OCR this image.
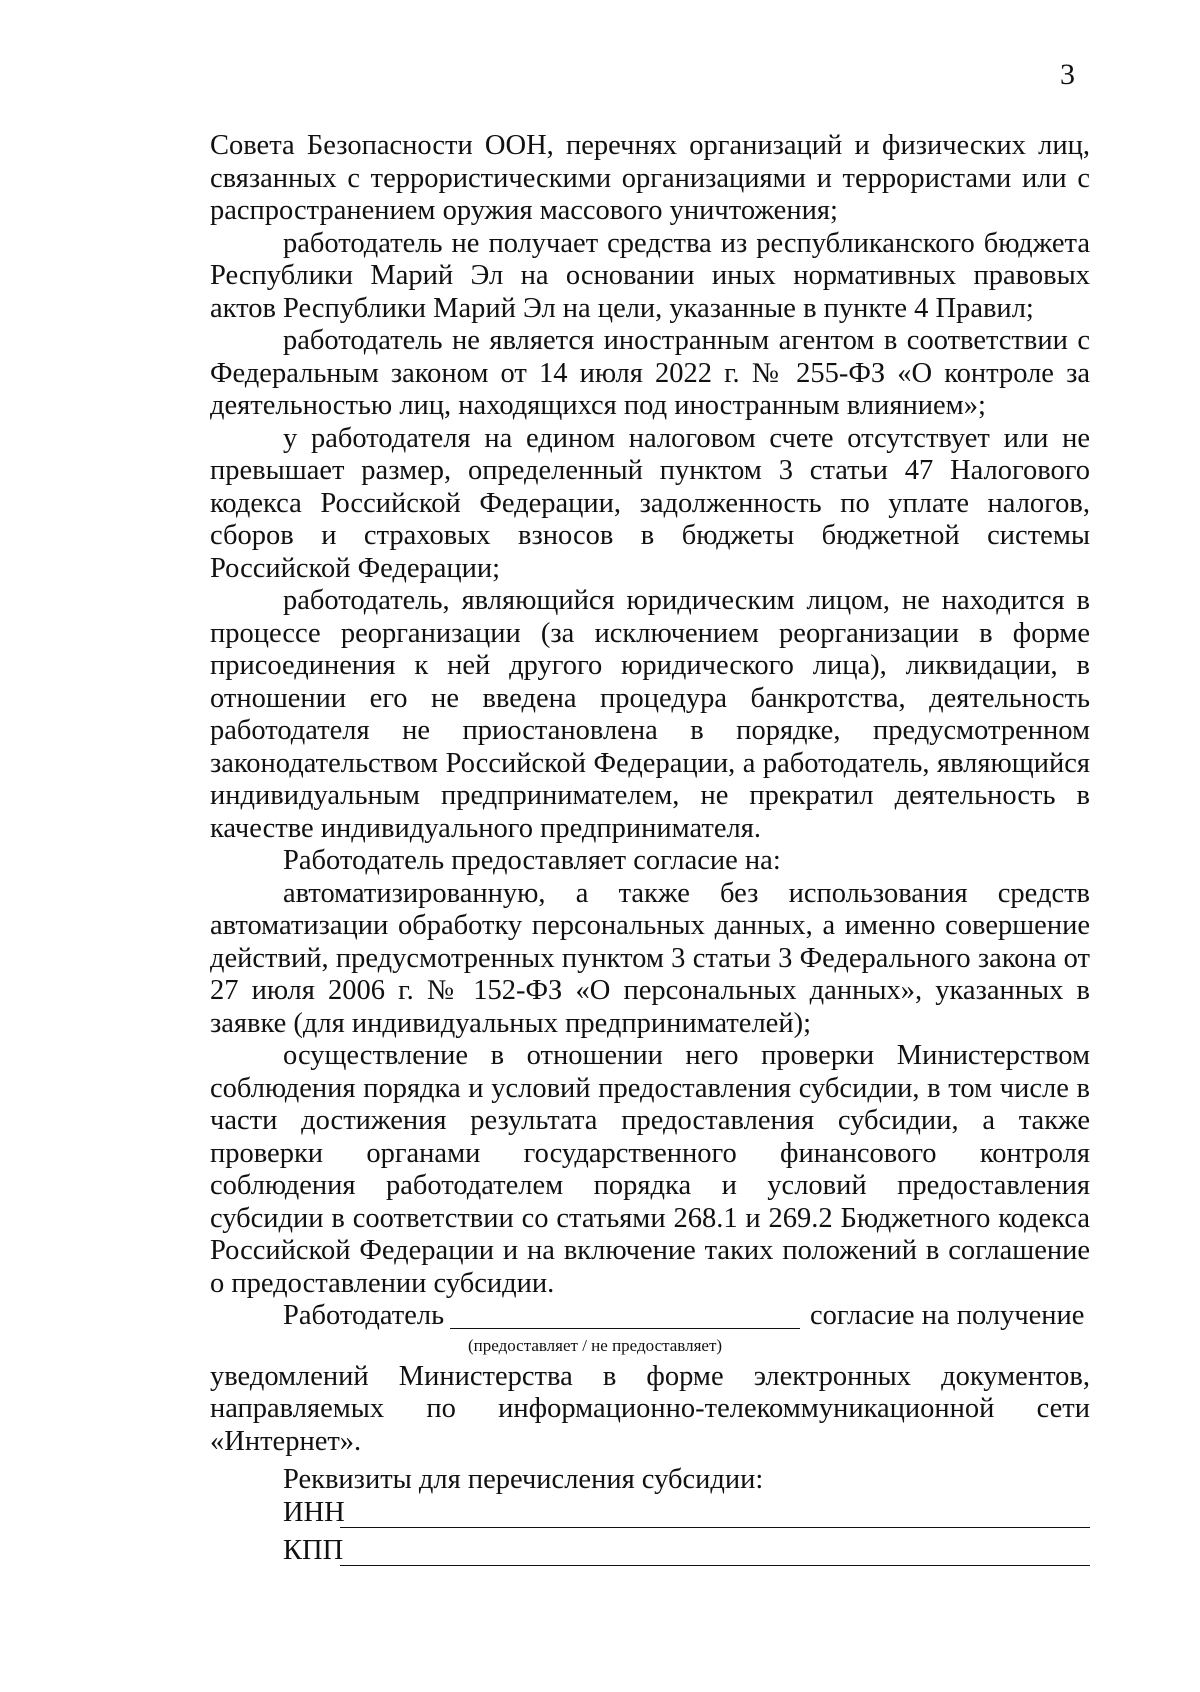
3

Совета Безопасности ООН, перечнях организаций и физических лиц, связанных с террористическими организациями и террористами или с распространением оружия массового уничтожения;

работодатель не получает средства из республиканского бюджета Республики Марий Эл на основании иных нормативных правовых актов Республики Марий Эл на цели, указанные в пункте 4 Правил;

работодатель не является иностранным агентом в соответствии с Федеральным законом от 14 июля 2022 г. № 255-ФЗ «О контроле за деятельностью лиц, находящихся под иностранным влиянием»;

у работодателя на едином налоговом счете отсутствует или не превышает размер, определенный пунктом 3 статьи 47 Налогового кодекса Российской Федерации, задолженность по уплате налогов, сборов и страховых взносов в бюджеты бюджетной системы Российской Федерации;

работодатель, являющийся юридическим лицом, не находится в процессе реорганизации (за исключением реорганизации в форме присоединения к ней другого юридического лица), ликвидации, в отношении его не введена процедура банкротства, деятельность работодателя не приостановлена в порядке, предусмотренном законодательством Российской Федерации, а работодатель, являющийся индивидуальным предпринимателем, не прекратил деятельность в качестве индивидуального предпринимателя.

Работодатель предоставляет согласие на:

автоматизированную, а также без использования средств автоматизации обработку персональных данных, а именно совершение действий, предусмотренных пунктом 3 статьи 3 Федерального закона от 27 июля 2006 г. № 152-ФЗ «О персональных данных», указанных в заявке (для индивидуальных предпринимателей);

осуществление в отношении него проверки Министерством соблюдения порядка и условий предоставления субсидии, в том числе в части достижения результата предоставления субсидии, а также проверки органами государственного финансового контроля соблюдения работодателем порядка и условий предоставления субсидии в соответствии со статьями 268.1 и 269.2 Бюджетного кодекса Российской Федерации и на включение таких положений в соглашение о предоставлении субсидии.

Работодатель	согласие на получение
(предоставляет / не предоставляет)

уведомлений Министерства в форме электронных документов, направляемых по информационно-телекоммуникационной сети «Интернет».

Реквизиты для перечисления субсидии:
ИНН
КПП
